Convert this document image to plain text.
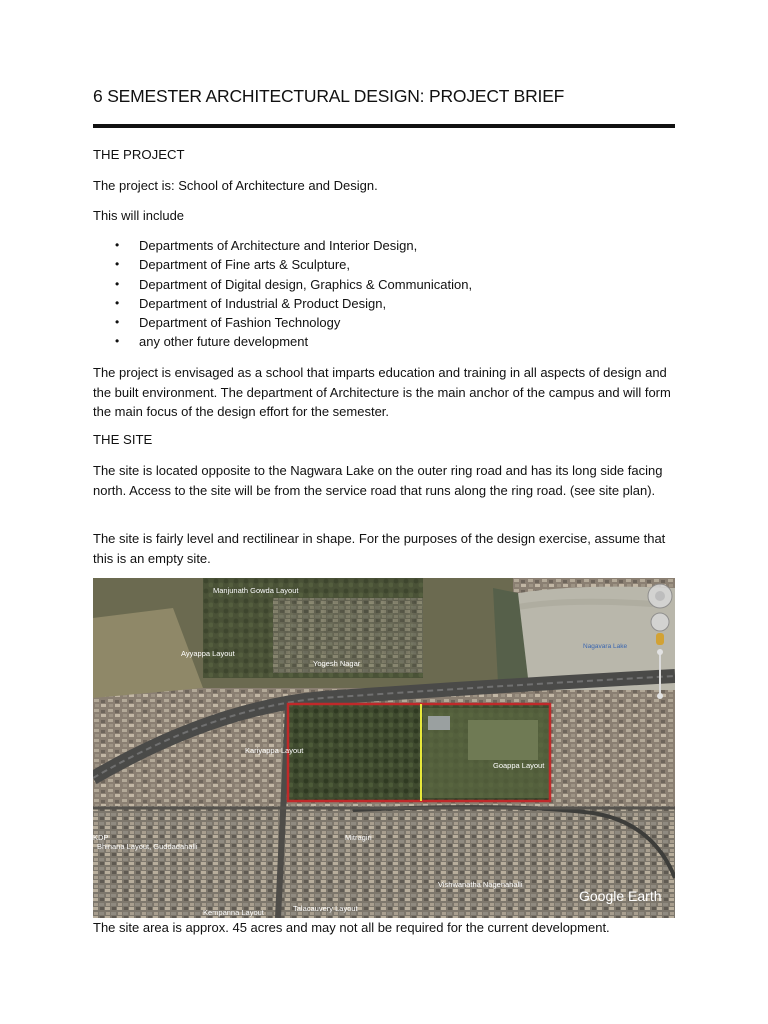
6 SEMESTER ARCHITECTURAL DESIGN: PROJECT BRIEF
THE PROJECT

The project is: School of Architecture and Design.

This will include

• Departments of Architecture and Interior Design,
• Department of Fine arts & Sculpture,
• Department of Digital design, Graphics & Communication,
• Department of Industrial & Product Design,
• Department of Fashion Technology
• any other future development

The project is envisaged as a school that imparts education and training in all aspects of design and the built environment. The department of Architecture is the main anchor of the campus and will form the main focus of the design effort for the semester.

THE SITE

The site is located opposite to the Nagwara Lake on the outer ring road and has its long side facing north. Access to the site will be from the service road that runs along the ring road. (see site plan).

The site is fairly level and rectilinear in shape. For the purposes of the design exercise, assume that this is an empty site.

Manjunath Gowda Layout
Ayyappa Layout
Yogesh Nagar
Nagavara Lake
Kariyappa Layout
Goappa Layout
KDP
Bhinana Layout, Guddadahalli
Mitragiri
Vishwanatha Nagenahalli
Kempanna Layout	Talacauvery Layout
Google Earth
The site area is approx. 45 acres and may not all be required for the current development.
